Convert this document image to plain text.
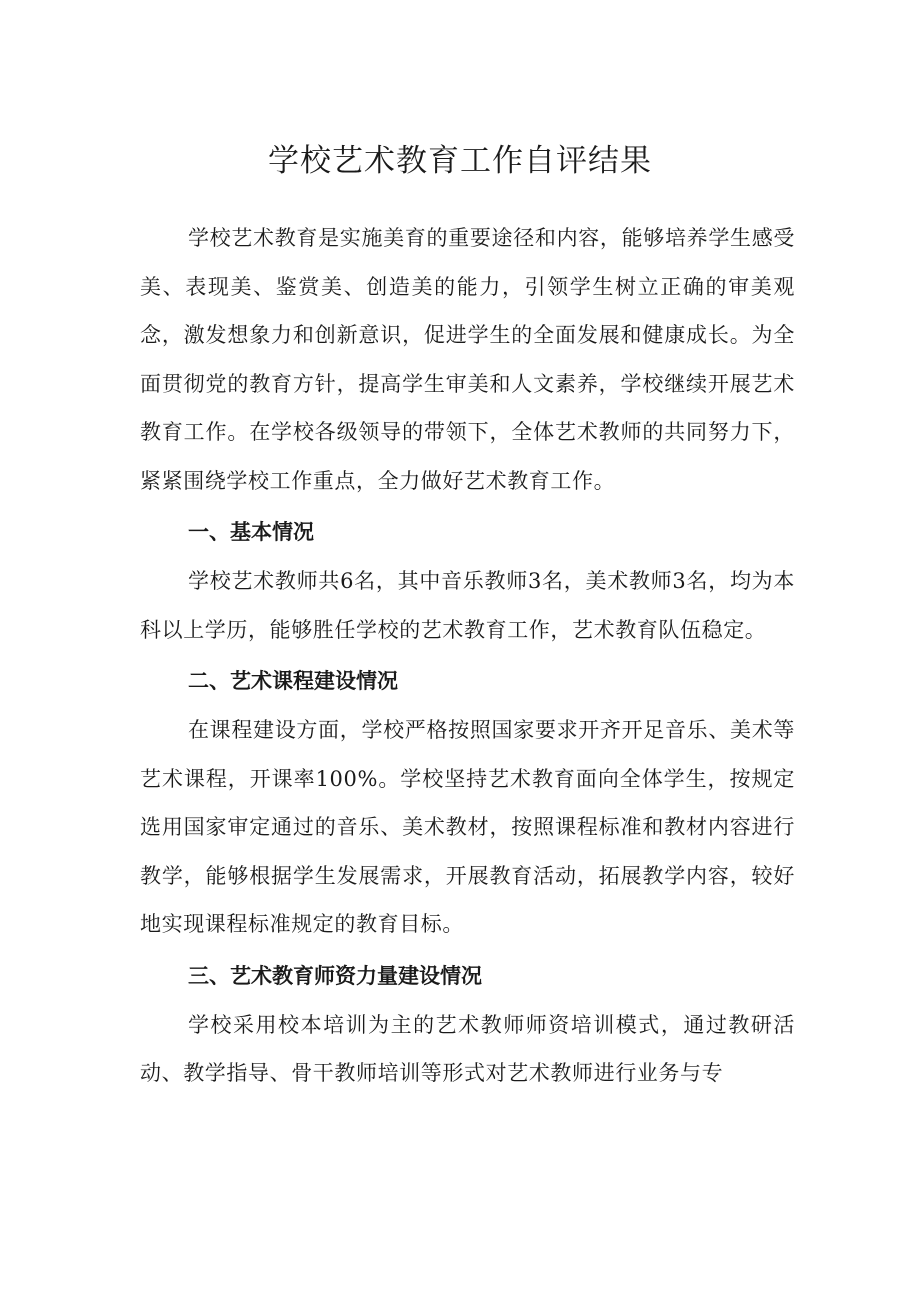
学校艺术教育工作自评结果

学校艺术教育是实施美育的重要途径和内容，能够培养学生感受美、表现美、鉴赏美、创造美的能力，引领学生树立正确的审美观念，激发想象力和创新意识，促进学生的全面发展和健康成长。为全面贯彻党的教育方针，提高学生审美和人文素养，学校继续开展艺术教育工作。在学校各级领导的带领下，全体艺术教师的共同努力下，紧紧围绕学校工作重点，全力做好艺术教育工作。

一、基本情况

学校艺术教师共6名，其中音乐教师3名，美术教师3名，均为本科以上学历，能够胜任学校的艺术教育工作，艺术教育队伍稳定。

二、艺术课程建设情况

在课程建设方面，学校严格按照国家要求开齐开足音乐、美术等艺术课程，开课率100%。学校坚持艺术教育面向全体学生，按规定选用国家审定通过的音乐、美术教材，按照课程标准和教材内容进行教学，能够根据学生发展需求，开展教育活动，拓展教学内容，较好地实现课程标准规定的教育目标。

三、艺术教育师资力量建设情况

学校采用校本培训为主的艺术教师师资培训模式，通过教研活动、教学指导、骨干教师培训等形式对艺术教师进行业务与专
